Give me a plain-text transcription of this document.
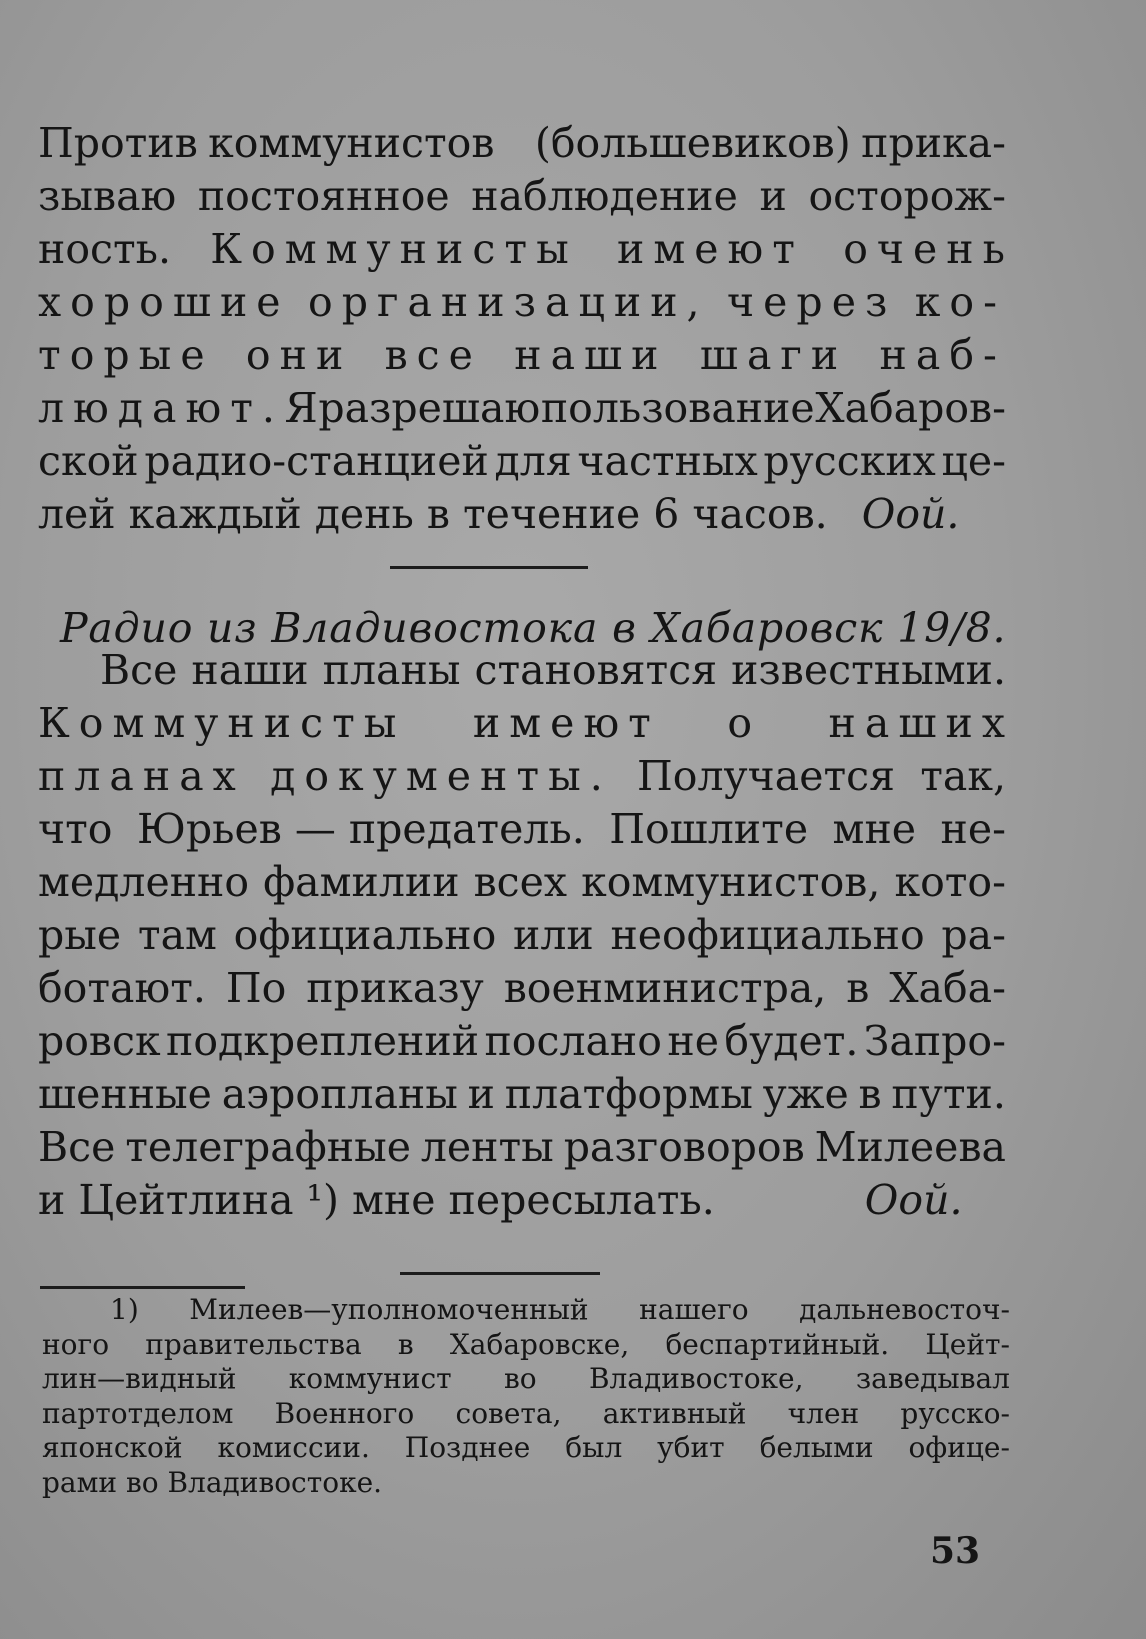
Против коммунистов (большевиков) прика-
зываю постоянное наблюдение и осторож-
ность. Коммунисты имеют очень
хорошие организации, через ко-
торые они все наши шаги наб-
людают. Я разрешаю пользование Хабаров-
ской радио-станцией для частных русских це-
лей каждый день в течение 6 часов. Оой.
Радио из Владивостока в Хабаровск 19/8.
Все наши планы становятся известными.
Коммунисты имеют о наших
планах документы. Получается так,
что Юрьев — предатель. Пошлите мне не-
медленно фамилии всех коммунистов, кото-
рые там официально или неофициально ра-
ботают. По приказу военминистра, в Хаба-
ровск подкреплений послано не будет. Запро-
шенные аэропланы и платформы уже в пути.
Все телеграфные ленты разговоров Милеева
и Цейтлина ¹) мне пересылать.	Оой.
1) Милеев—уполномоченный нашего дальневосточ-
ного правительства в Хабаровске, беспартийный. Цейт-
лин—видный коммунист во Владивостоке, заведывал
партотделом Военного совета, активный член русско-
японской комиссии. Позднее был убит белыми офице-
рами во Владивостоке.
53
